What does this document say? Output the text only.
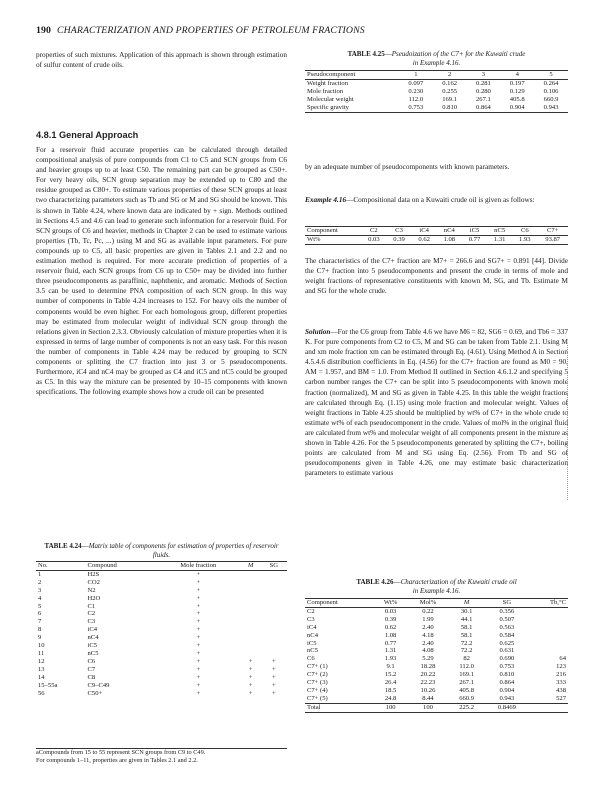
190 CHARACTERIZATION AND PROPERTIES OF PETROLEUM FRACTIONS

properties of such mixtures. Application of this approach is shown through estimation of sulfur content of crude oils.

4.8.1 General Approach

For a reservoir fluid accurate properties can be calculated through detailed compositional analysis of pure compounds from C1 to C5 and SCN groups from C6 and heavier groups up to at least C50. The remaining part can be grouped as C50+. For very heavy oils, SCN group separation may be extended up to C80 and the residue grouped as C80+. To estimate various properties of these SCN groups at least two characterizing parameters such as Tb and SG or M and SG should be known. This is shown in Table 4.24, where known data are indicated by + sign. Methods outlined in Sections 4.5 and 4.6 can lead to generate such information for a reservoir fluid. For SCN groups of C6 and heavier, methods in Chapter 2 can be used to estimate various properties (Tb, Tc, Pc, ...) using M and SG as available input parameters. For pure compounds up to C5, all basic properties are given in Tables 2.1 and 2.2 and no estimation method is required. For more accurate prediction of properties of a reservoir fluid, each SCN groups from C6 up to C50+ may be divided into further three pseudocomponents as paraffinic, naphthenic, and aromatic. Methods of Section 3.5 can be used to determine PNA composition of each SCN group. In this way number of components in Table 4.24 increases to 152. For heavy oils the number of components would be even higher. For each homologous group, different properties may be estimated from molecular weight of individual SCN group through the relations given in Section 2.3.3. Obviously calculation of mixture properties when it is expressed in terms of large number of components is not an easy task. For this reason the number of components in Table 4.24 may be reduced by grouping to SCN components or splitting the C7 fraction into just 3 or 5 pseudocomponents. Furthermore, iC4 and nC4 may be grouped as C4 and iC5 and nC5 could be grouped as C5. In this way the mixture can be presented by 10–15 components with known specifications. The following example shows how a crude oil can be presented

TABLE 4.24—Matrix table of components for estimation of properties of reservoir fluids.
No.	Compound	Mole fraction	M	SG
1	H2S	+		
2	CO2	+		
3	N2	+		
4	H2O	+		
5	C1	+		
6	C2	+		
7	C3	+		
8	iC4	+		
9	nC4	+		
10	iC5	+		
11	nC5	+		
12	C6	+	+	+
13	C7	+	+	+
14	C8	+	+	+
15–55a	C9–C49	+	+	+
56	C50+	+	+	+
aCompounds from 15 to 55 represent SCN groups from C9 to C49.
For compounds 1–11, properties are given in Tables 2.1 and 2.2.
TABLE 4.25—Pseudoization of the C7+ for the Kuwaiti crude
in Example 4.16.
Pseudocomponent	1	2	3	4	5
Weight fraction	0.097	0.162	0.281	0.197	0.264
Mole fraction	0.230	0.255	0.280	0.129	0.106
Molecular weight	112.0	169.1	267.1	405.8	660.9
Specific gravity	0.753	0.810	0.864	0.904	0.943

by an adequate number of pseudocomponents with known parameters.

Example 4.16—Compositional data on a Kuwaiti crude oil is given as follows:

Component	C2	C3	iC4	nC4	iC5	nC5	C6	C7+
Wt%	0.03	0.39	0.62	1.08	0.77	1.31	1.93	93.87

The characteristics of the C7+ fraction are M7+ = 266.6 and SG7+ = 0.891 [44]. Divide the C7+ fraction into 5 pseudocomponents and present the crude in terms of mole and weight fractions of representative constituents with known M, SG, and Tb. Estimate M and SG for the whole crude.

Solution—For the C6 group from Table 4.6 we have M6 = 82, SG6 = 0.69, and Tb6 = 337 K. For pure components from C2 to C5, M and SG can be taken from Table 2.1. Using M and xm mole fraction xm can be estimated through Eq. (4.61). Using Method A in Section 4.5.4.6 distribution coefficients in Eq. (4.56) for the C7+ fraction are found as M0 = 90, AM = 1.957, and BM = 1.0. From Method II outlined in Section 4.6.1.2 and specifying 5 carbon number ranges the C7+ can be split into 5 pseudocomponents with known mole fraction (normalized), M and SG as given in Table 4.25. In this table the weight fractions are calculated through Eq. (1.15) using mole fraction and molecular weight. Values of weight fractions in Table 4.25 should be multiplied by wt% of C7+ in the whole crude to estimate wt% of each pseudocomponent in the crude. Values of mol% in the original fluid are calculated from wt% and molecular weight of all components present in the mixture as shown in Table 4.26. For the 5 pseudocomponents generated by splitting the C7+, boiling points are calculated from M and SG using Eq. (2.56). From Tb and SG of pseudocomponents given in Table 4.26, one may estimate basic characterization parameters to estimate various

TABLE 4.26—Characterization of the Kuwaiti crude oil
in Example 4.16.
Component	Wt%	Mol%	M	SG	Tb,°C
C2	0.03	0.22	30.1	0.356	
C3	0.39	1.99	44.1	0.507	
iC4	0.62	2.40	58.1	0.563	
nC4	1.08	4.18	58.1	0.584	
iC5	0.77	2.40	72.2	0.625	
nC5	1.31	4.08	72.2	0.631	
C6	1.93	5.29	82	0.690	64
C7+ (1)	9.1	18.28	112.0	0.753	123
C7+ (2)	15.2	20.22	169.1	0.810	216
C7+ (3)	26.4	22.23	267.1	0.864	333
C7+ (4)	18.5	10.26	405.8	0.904	438
C7+ (5)	24.8	8.44	660.9	0.943	527
Total	100	100	225.2	0.8469	
